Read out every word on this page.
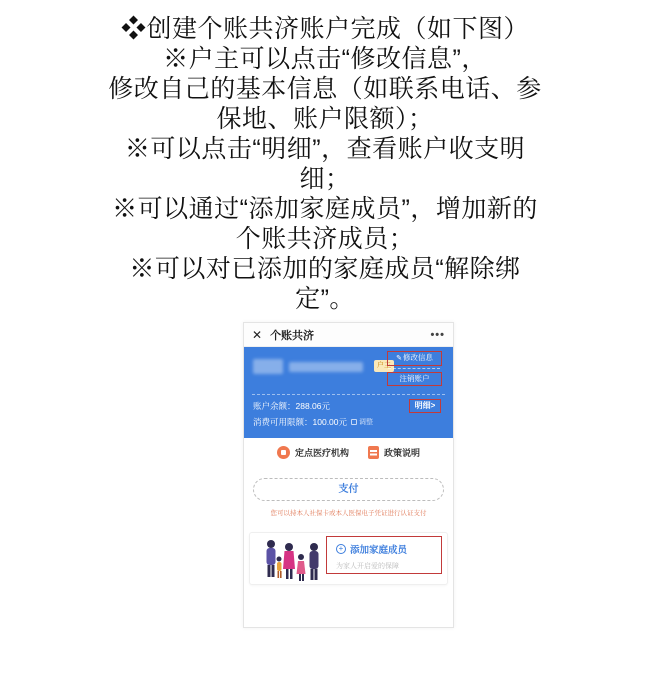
❖创建个账共济账户完成（如下图）
※户主可以点击“修改信息”，
修改自己的基本信息（如联系电话、参
保地、账户限额）；
※可以点击“明细”，查看账户收支明
细；
※可以通过“添加家庭成员”，增加新的
个账共济成员；
※可以对已添加的家庭成员“解除绑
定”。
✕ 个账共济	•••
户主
✎修改信息
注销账户
账户余额：288.06元
消费可用限额： 100.00元 调整
明细>
定点医疗机构	政策说明
支付
您可以持本人社保卡或本人医保电子凭证进行认证支付
+ 添加家庭成员
为家人开启爱的保障
